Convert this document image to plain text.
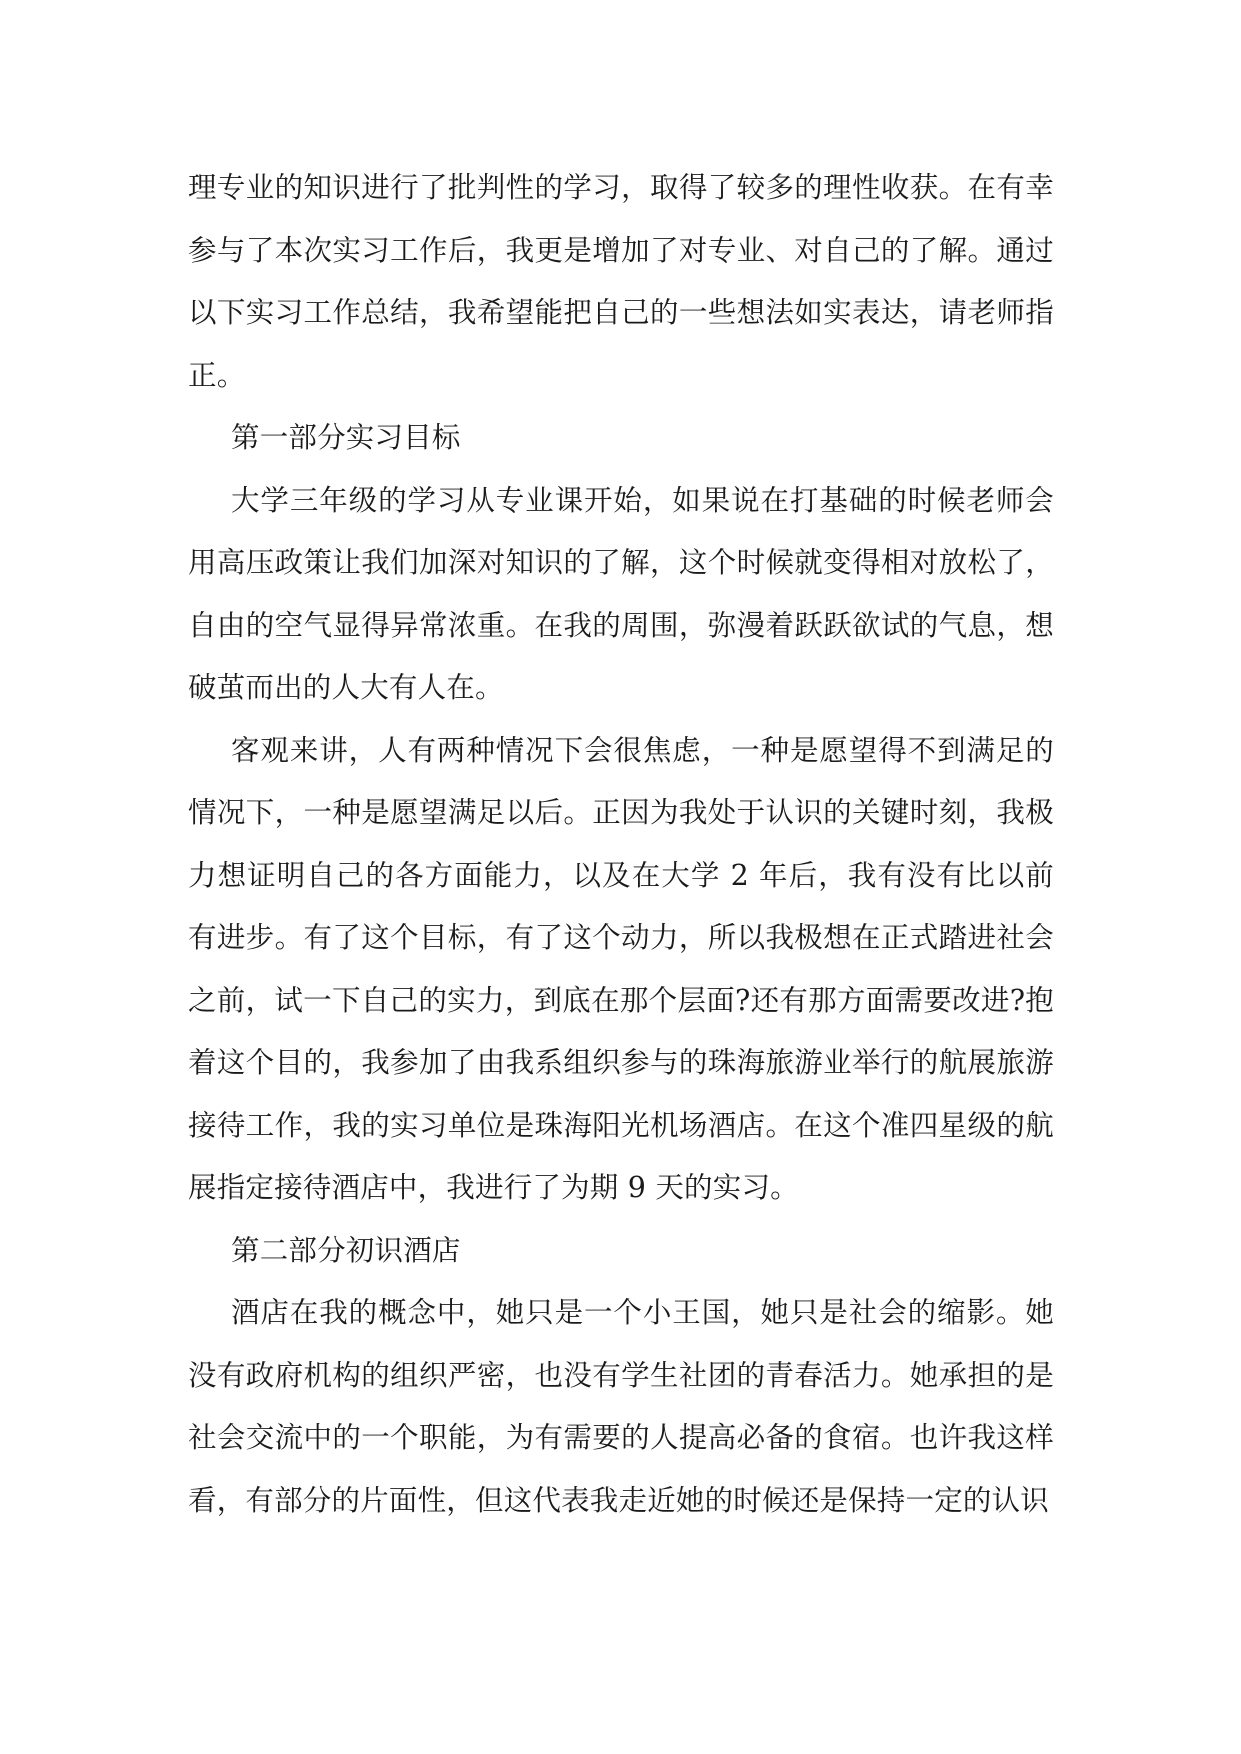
理专业的知识进行了批判性的学习，取得了较多的理性收获。在有幸参与了本次实习工作后，我更是增加了对专业、对自己的了解。通过以下实习工作总结，我希望能把自己的一些想法如实表达，请老师指正。

第一部分实习目标

大学三年级的学习从专业课开始，如果说在打基础的时候老师会用高压政策让我们加深对知识的了解，这个时候就变得相对放松了，自由的空气显得异常浓重。在我的周围，弥漫着跃跃欲试的气息，想破茧而出的人大有人在。

客观来讲，人有两种情况下会很焦虑，一种是愿望得不到满足的情况下，一种是愿望满足以后。正因为我处于认识的关键时刻，我极力想证明自己的各方面能力，以及在大学 2 年后，我有没有比以前有进步。有了这个目标，有了这个动力，所以我极想在正式踏进社会之前，试一下自己的实力，到底在那个层面?还有那方面需要改进?抱着这个目的，我参加了由我系组织参与的珠海旅游业举行的航展旅游接待工作，我的实习单位是珠海阳光机场酒店。在这个准四星级的航展指定接待酒店中，我进行了为期 9 天的实习。

第二部分初识酒店

酒店在我的概念中，她只是一个小王国，她只是社会的缩影。她没有政府机构的组织严密，也没有学生社团的青春活力。她承担的是社会交流中的一个职能，为有需要的人提高必备的食宿。也许我这样看，有部分的片面性，但这代表我走近她的时候还是保持一定的认识
